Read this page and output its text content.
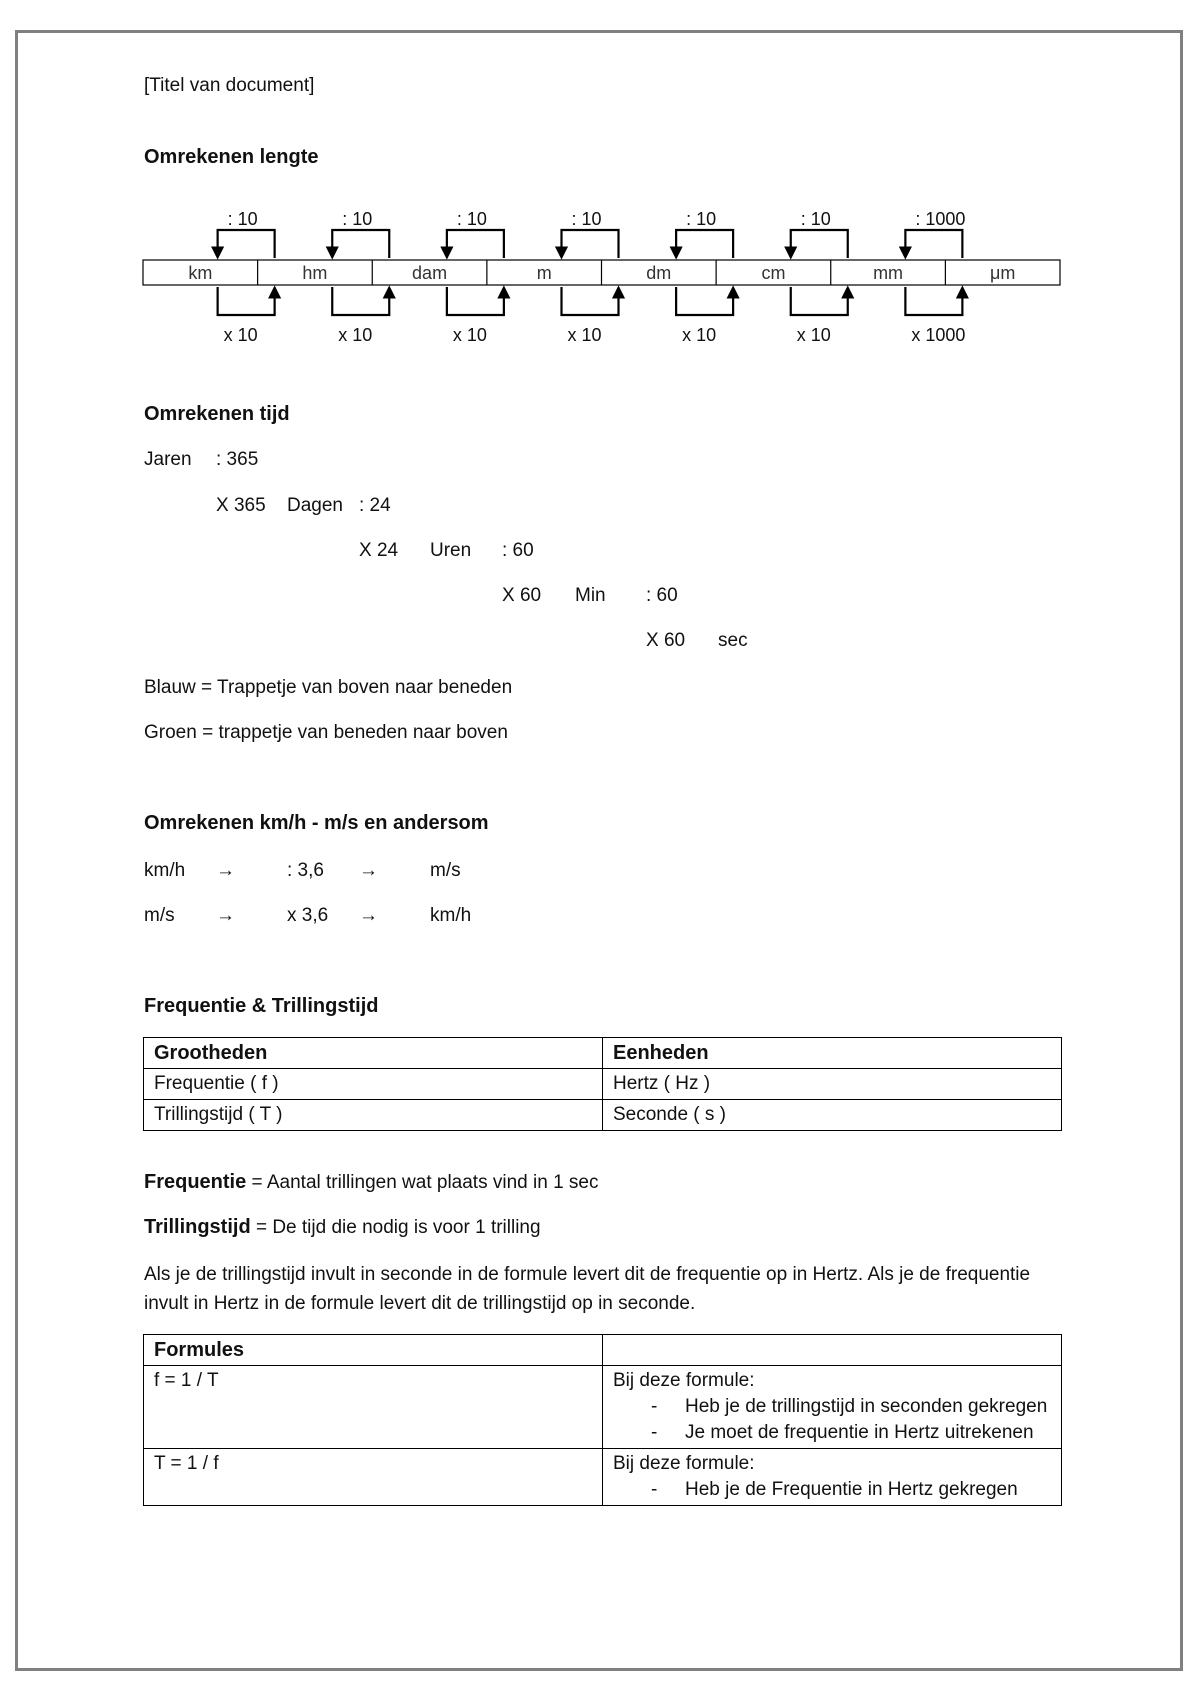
[Titel van document]
Omrekenen lengte
km	hm	dam	m	dm	cm	mm	μm
: 10	: 10	: 10	: 10	: 10	: 10	: 1000
x 10	x 10	x 10	x 10	x 10	x 10	x 1000
Omrekenen tijd
Jaren : 365
X 365 Dagen : 24
X 24 Uren : 60
X 60 Min : 60
X 60 sec
Blauw = Trappetje van boven naar beneden
Groen = trappetje van beneden naar boven
Omrekenen km/h - m/s en andersom
km/h →	: 3,6 →	m/s
m/s →	x 3,6 →	km/h
Frequentie & Trillingstijd
Grootheden	Eenheden
Frequentie ( f )	Hertz ( Hz )
Trillingstijd ( T )	Seconde ( s )
Frequentie = Aantal trillingen wat plaats vind in 1 sec
Trillingstijd = De tijd die nodig is voor 1 trilling
Als je de trillingstijd invult in seconde in de formule levert dit de frequentie op in Hertz. Als je de frequentie invult in Hertz in de formule levert dit de trillingstijd op in seconde.
Formules	
f = 1 / T	Bij deze formule:
- Heb je de trillingstijd in seconden gekregen
- Je moet de frequentie in Hertz uitrekenen

T = 1 / f	Bij deze formule:
- Heb je de Frequentie in Hertz gekregen
